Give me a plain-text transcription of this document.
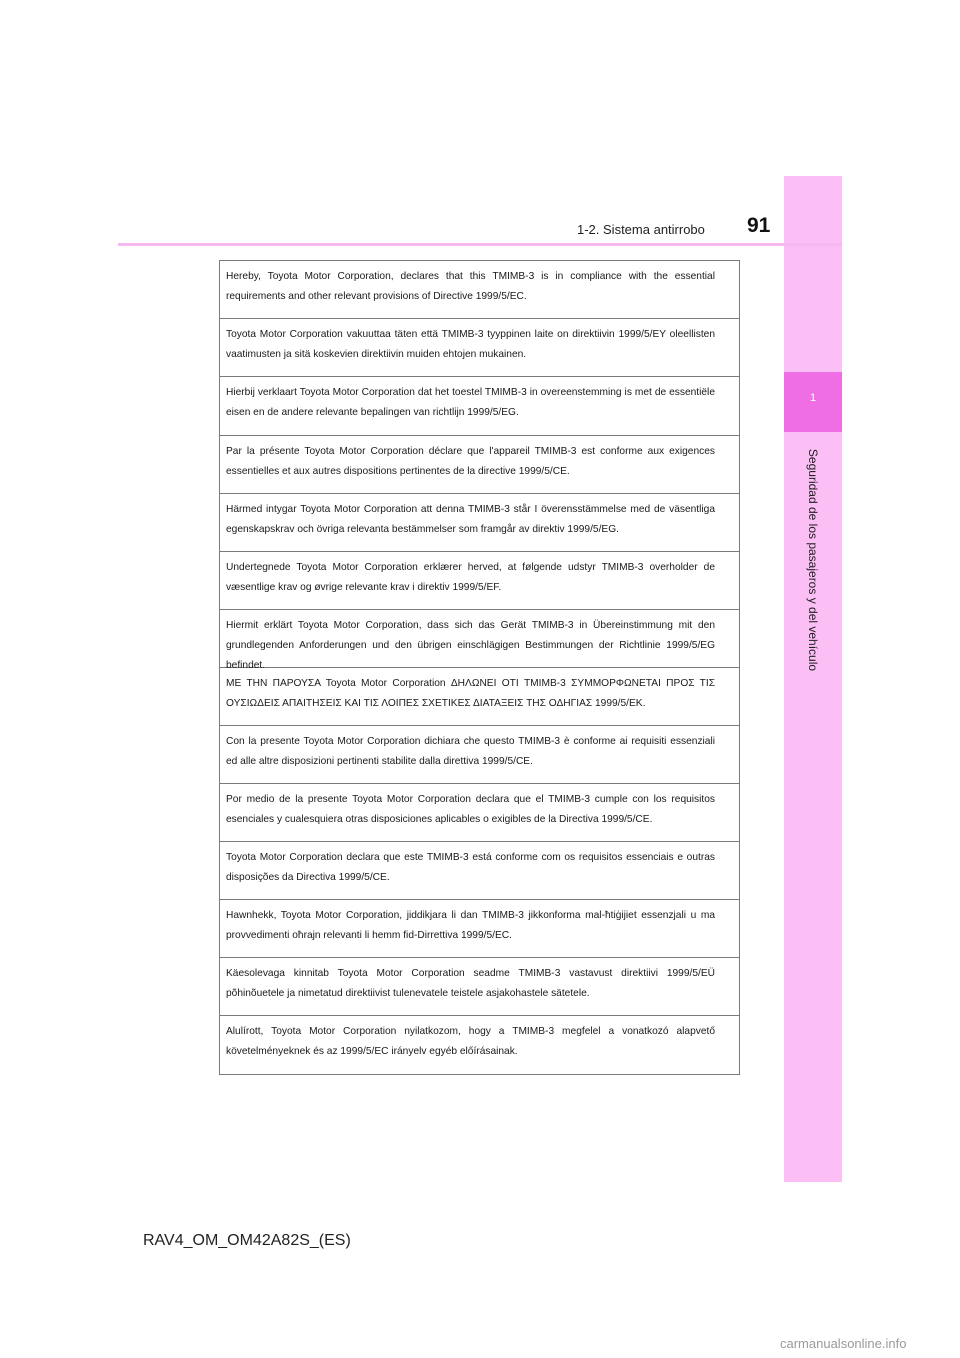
1
Seguridad de los pasajeros y del vehículo
1-2. Sistema antirrobo 91
Hereby, Toyota Motor Corporation, declares that this TMIMB-3 is in compliance with the essential requirements and other relevant provisions of Directive 1999/5/EC.
Toyota Motor Corporation vakuuttaa täten että TMIMB-3 tyyppinen laite on direktiivin 1999/5/EY oleellisten vaatimusten ja sitä koskevien direktiivin muiden ehtojen mukainen.
Hierbij verklaart Toyota Motor Corporation dat het toestel TMIMB-3 in overeenstemming is met de essentiële eisen en de andere relevante bepalingen van richtlijn 1999/5/EG.
Par la présente Toyota Motor Corporation déclare que l'appareil TMIMB-3 est conforme aux exigences essentielles et aux autres dispositions pertinentes de la directive 1999/5/CE.
Härmed intygar Toyota Motor Corporation att denna TMIMB-3 står I överensstämmelse med de väsentliga egenskapskrav och övriga relevanta bestämmelser som framgår av direktiv 1999/5/EG.
Undertegnede Toyota Motor Corporation erklærer herved, at følgende udstyr TMIMB-3 overholder de væsentlige krav og øvrige relevante krav i direktiv 1999/5/EF.
Hiermit erklärt Toyota Motor Corporation, dass sich das Gerät TMIMB-3 in Übereinstimmung mit den grundlegenden Anforderungen und den übrigen einschlägigen Bestimmungen der Richtlinie 1999/5/EG befindet.
ΜΕ ΤΗΝ ΠΑΡΟΥΣΑ Toyota Motor Corporation ΔΗΛΩΝΕΙ ΟΤΙ TMIMB-3 ΣΥΜΜΟΡΦΩΝΕΤΑΙ ΠΡΟΣ ΤΙΣ ΟΥΣΙΩΔΕΙΣ ΑΠΑΙΤΗΣΕΙΣ ΚΑΙ ΤΙΣ ΛΟΙΠΕΣ ΣΧΕΤΙΚΕΣ ΔΙΑΤΑΞΕΙΣ ΤΗΣ ΟΔΗΓΙΑΣ 1999/5/ΕΚ.
Con la presente Toyota Motor Corporation dichiara che questo TMIMB-3 è conforme ai requisiti essenziali ed alle altre disposizioni pertinenti stabilite dalla direttiva 1999/5/CE.
Por medio de la presente Toyota Motor Corporation declara que el TMIMB-3 cumple con los requisitos esenciales y cualesquiera otras disposiciones aplicables o exigibles de la Directiva 1999/5/CE.
Toyota Motor Corporation declara que este TMIMB-3 está conforme com os requisitos essenciais e outras disposições da Directiva 1999/5/CE.
Hawnhekk, Toyota Motor Corporation, jiddikjara li dan TMIMB-3 jikkonforma mal-ħtiġijiet essenzjali u ma provvedimenti oħrajn relevanti li hemm fid-Dirrettiva 1999/5/EC.
Käesolevaga kinnitab Toyota Motor Corporation seadme TMIMB-3 vastavust direktiivi 1999/5/EÜ põhinõuetele ja nimetatud direktiivist tulenevatele teistele asjakohastele sätetele.
Alulírott, Toyota Motor Corporation nyilatkozom, hogy a TMIMB-3 megfelel a vonatkozó alapvető követelményeknek és az 1999/5/EC irányelv egyéb előírásainak.
RAV4_OM_OM42A82S_(ES)
carmanualsonline.info
